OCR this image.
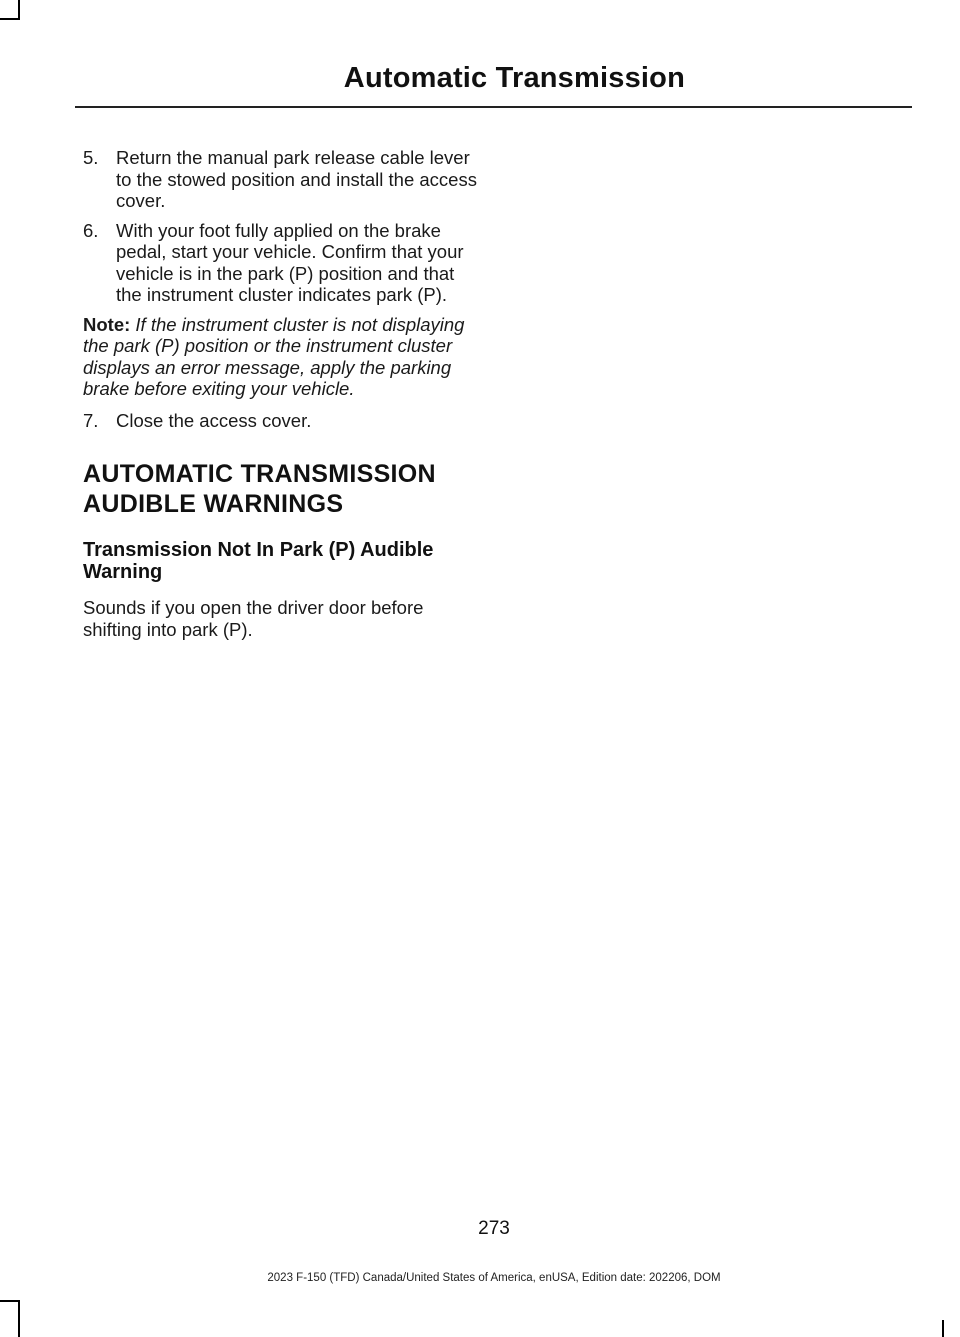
Automatic Transmission
5. Return the manual park release cable lever to the stowed position and install the access cover.
6. With your foot fully applied on the brake pedal, start your vehicle. Confirm that your vehicle is in the park (P) position and that the instrument cluster indicates park (P).
Note: If the instrument cluster is not displaying the park (P) position or the instrument cluster displays an error message, apply the parking brake before exiting your vehicle.
7. Close the access cover.
AUTOMATIC TRANSMISSION
AUDIBLE WARNINGS
Transmission Not In Park (P) Audible Warning
Sounds if you open the driver door before shifting into park (P).
273
2023 F-150 (TFD) Canada/United States of America, enUSA, Edition date: 202206, DOM
